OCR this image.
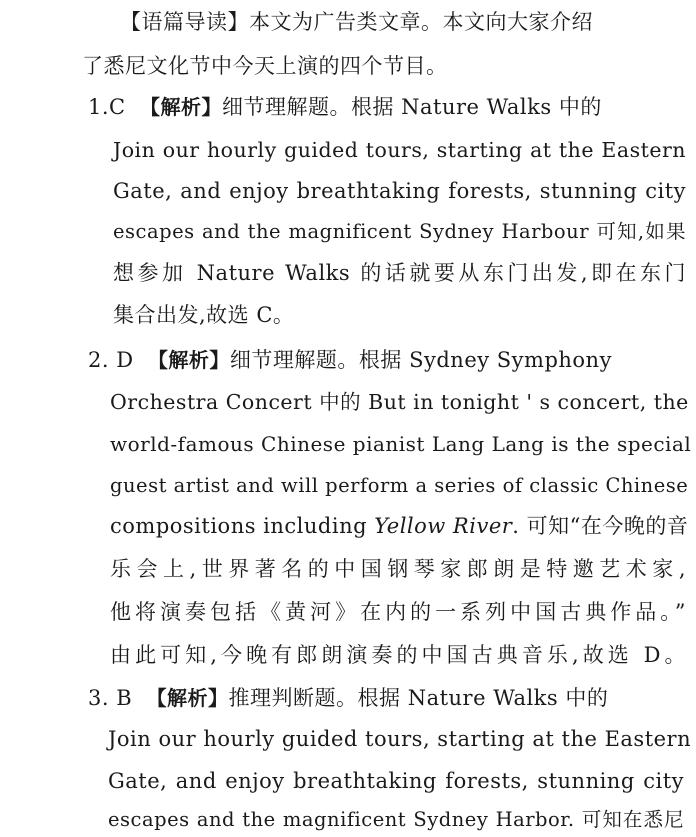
【语篇导读】本文为广告类文章。本文向大家介绍
了悉尼文化节中今天上演的四个节目。
1.C 【解析】细节理解题。根据 Nature Walks 中的
Join our hourly guided tours, starting at the Eastern
Gate, and enjoy breathtaking forests, stunning city
escapes and the magnificent Sydney Harbour 可知,如果
想参加 Nature Walks 的话就要从东门出发,即在东门
集合出发,故选 C。
2. D 【解析】细节理解题。根据 Sydney Symphony
Orchestra Concert 中的 But in tonight ' s concert, the
world-famous Chinese pianist Lang Lang is the special
guest artist and will perform a series of classic Chinese
compositions including Yellow River. 可知“在今晚的音
乐会上,世界著名的中国钢琴家郎朗是特邀艺术家,
他将演奏包括《黄河》在内的一系列中国古典作品。”
由此可知,今晚有郎朗演奏的中国古典音乐,故选 D。
3. B 【解析】推理判断题。根据 Nature Walks 中的
Join our hourly guided tours, starting at the Eastern
Gate, and enjoy breathtaking forests, stunning city
escapes and the magnificent Sydney Harbor. 可知在悉尼
